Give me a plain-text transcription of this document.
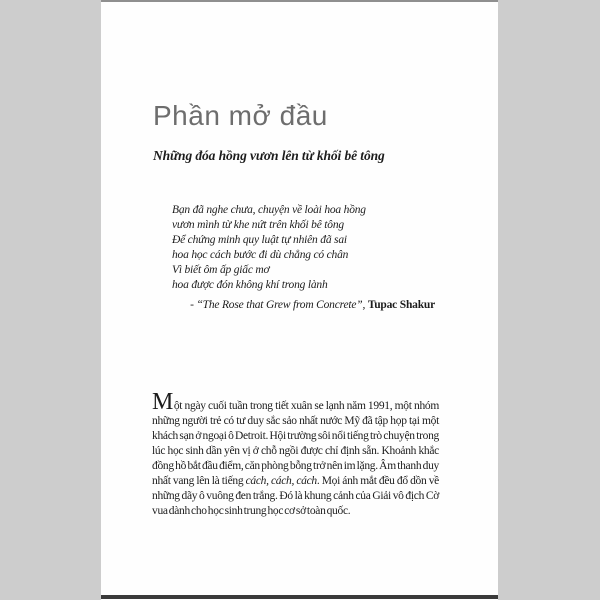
Phần mở đầu
Những đóa hồng vươn lên từ khối bê tông
Bạn đã nghe chưa, chuyện về loài hoa hồng
vươn mình từ khe nứt trên khối bê tông
Để chứng minh quy luật tự nhiên đã sai
hoa học cách bước đi dù chẳng có chân
Vì biết ôm ấp giấc mơ
hoa được đón không khí trong lành
- “The Rose that Grew from Concrete”, Tupac Shakur

Một ngày cuối tuần trong tiết xuân se lạnh năm 1991, một nhóm những người trẻ có tư duy sắc sảo nhất nước Mỹ đã tập họp tại một khách sạn ở ngoại ô Detroit. Hội trường sôi nổi tiếng trò chuyện trong lúc học sinh dần yên vị ở chỗ ngồi được chỉ định sẵn. Khoảnh khắc đồng hồ bắt đầu điểm, căn phòng bỗng trở nên im lặng. Âm thanh duy nhất vang lên là tiếng cách, cách, cách. Mọi ánh mắt đều đổ dồn về những dãy ô vuông đen trắng. Đó là khung cảnh của Giải vô địch Cờ vua dành cho học sinh trung học cơ sở toàn quốc.
